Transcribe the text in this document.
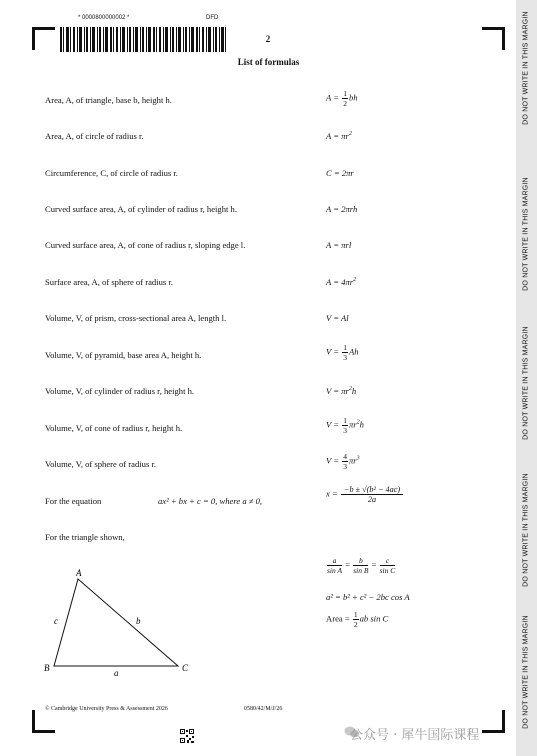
DO NOT WRITE IN THIS MARGIN
DO NOT WRITE IN THIS MARGIN
DO NOT WRITE IN THIS MARGIN
DO NOT WRITE IN THIS MARGIN
DO NOT WRITE IN THIS MARGIN
* 0000800000002 *	DFD
2
List of formulas
Area, A, of triangle, base b, height h.	$A = \frac{1}{2}$ bh
Area, A, of circle of radius r.	$A = \pi r^2$
Circumference, C, of circle of radius r.	C = 2πr
Curved surface area, A, of cylinder of radius r, height h.	A = 2πrh
Curved surface area, A, of cone of radius r, sloping edge l.	A = πrl
Surface area, A, of sphere of radius r.	$A = 4\pi r^2$
Volume, V, of prism, cross-sectional area A, length l.	V = Al
Volume, V, of pyramid, base area A, height h.	$V = \frac{1}{3}$ Ah
Volume, V, of cylinder of radius r, height h.	$V = \pi r^2h$
Volume, V, of cone of radius r, height h.	$V = \frac{1}{3} \pi r^2h$
Volume, V, of sphere of radius r.	$V = \frac{4}{3} \pi r^3$
For the equation	ax² + bx + c = 0, where a ≠ 0,
$x = \frac{\text{−b ± √(b² − 4ac)}}{2a}$
For the triangle shown,
A
B	C
a
b
c
$\frac{a}{\text{sin A}} = \frac{b}{\text{sin B}} = \frac{c}{\text{sin C}}$
a² = b² + c² − 2bc cos A
Area = $\frac{1}{2}$ ab sin C
© Cambridge University Press & Assessment 2026	0580/42/M/J/26
公众号 · 犀牛国际课程
